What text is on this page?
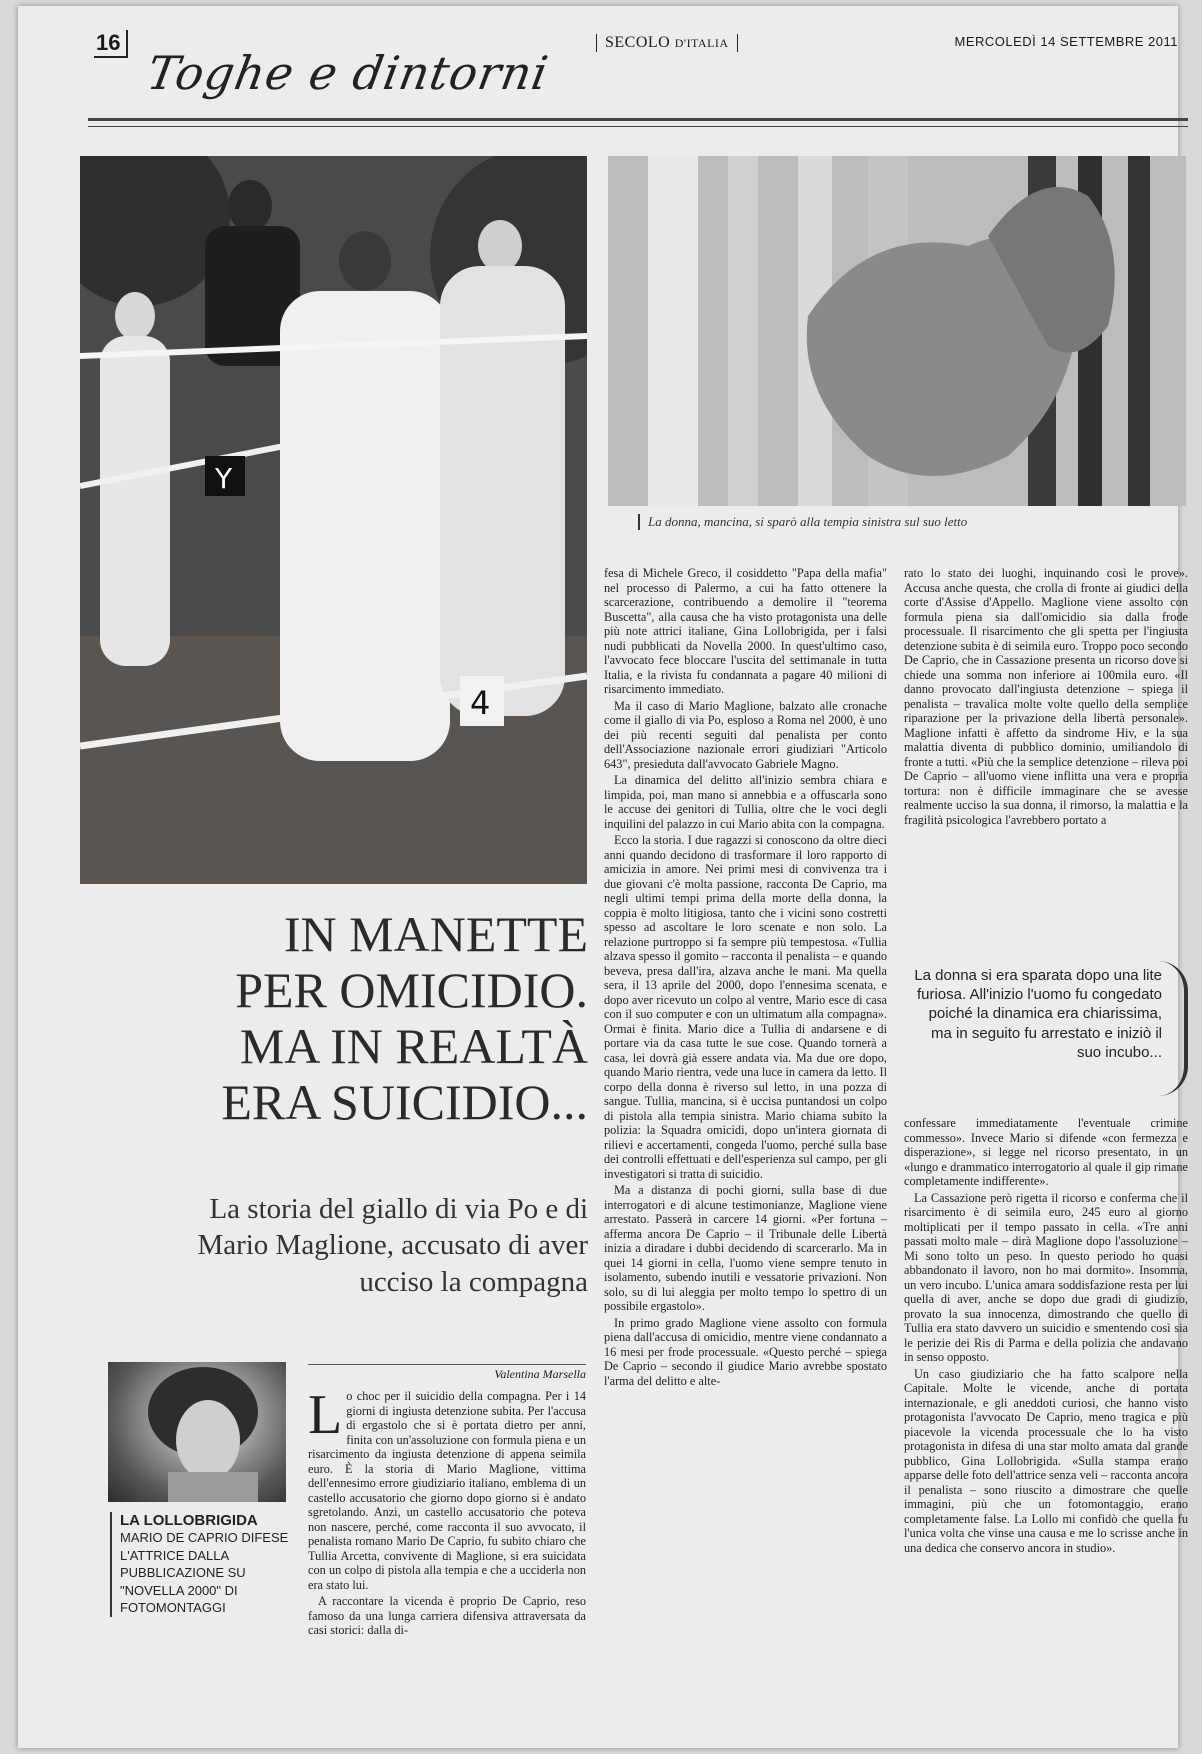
16	SECOLO D'ITALIA	MERCOLEDÌ 14 SETTEMBRE 2011
Toghe e dintorni
Y
4
La donna, mancina, si sparò alla tempia sinistra sul suo letto
IN MANETTE
PER OMICIDIO.
MA IN REALTÀ
ERA SUICIDIO...
La storia del giallo di via Po e di Mario Maglione, accusato di aver ucciso la compagna
Valentina Marsella
LA LOLLOBRIGIDA
MARIO DE CAPRIO DIFESE L'ATTRICE DALLA PUBBLICAZIONE SU "NOVELLA 2000" DI FOTOMONTAGGI
La donna si era sparata dopo una lite furiosa. All'inizio l'uomo fu congedato poiché la dinamica era chiarissima, ma in seguito fu arrestato e iniziò il suo incubo...

Lo choc per il suicidio della compagna. Per i 14 giorni di ingiusta detenzione subita. Per l'accusa di ergastolo che si è portata dietro per anni, finita con un'assoluzione con formula piena e un risarcimento da ingiusta detenzione di appena seimila euro. È la storia di Mario Maglione, vittima dell'ennesimo errore giudiziario italiano, emblema di un castello accusatorio che giorno dopo giorno si è andato sgretolando. Anzi, un castello accusatorio che poteva non nascere, perché, come racconta il suo avvocato, il penalista romano Mario De Caprio, fu subito chiaro che Tullia Arcetta, convivente di Maglione, si era suicidata con un colpo di pistola alla tempia e che a ucciderla non era stato lui.

A raccontare la vicenda è proprio De Caprio, reso famoso da una lunga carriera difensiva attraversata da casi storici: dalla di-

fesa di Michele Greco, il cosiddetto "Papa della mafia" nel processo di Palermo, a cui ha fatto ottenere la scarcerazione, contribuendo a demolire il "teorema Buscetta", alla causa che ha visto protagonista una delle più note attrici italiane, Gina Lollobrigida, per i falsi nudi pubblicati da Novella 2000. In quest'ultimo caso, l'avvocato fece bloccare l'uscita del settimanale in tutta Italia, e la rivista fu condannata a pagare 40 milioni di risarcimento immediato.

Ma il caso di Mario Maglione, balzato alle cronache come il giallo di via Po, esploso a Roma nel 2000, è uno dei più recenti seguiti dal penalista per conto dell'Associazione nazionale errori giudiziari "Articolo 643", presieduta dall'avvocato Gabriele Magno.

La dinamica del delitto all'inizio sembra chiara e limpida, poi, man mano si annebbia e a offuscarla sono le accuse dei genitori di Tullia, oltre che le voci degli inquilini del palazzo in cui Mario abita con la compagna.

Ecco la storia. I due ragazzi si conoscono da oltre dieci anni quando decidono di trasformare il loro rapporto di amicizia in amore. Nei primi mesi di convivenza tra i due giovani c'è molta passione, racconta De Caprio, ma negli ultimi tempi prima della morte della donna, la coppia è molto litigiosa, tanto che i vicini sono costretti spesso ad ascoltare le loro scenate e non solo. La relazione purtroppo si fa sempre più tempestosa. «Tullia alzava spesso il gomito – racconta il penalista – e quando beveva, presa dall'ira, alzava anche le mani. Ma quella sera, il 13 aprile del 2000, dopo l'ennesima scenata, e dopo aver ricevuto un colpo al ventre, Mario esce di casa con il suo computer e con un ultimatum alla compagna». Ormai è finita. Mario dice a Tullia di andarsene e di portare via da casa tutte le sue cose. Quando tornerà a casa, lei dovrà già essere andata via. Ma due ore dopo, quando Mario rientra, vede una luce in camera da letto. Il corpo della donna è riverso sul letto, in una pozza di sangue. Tullia, mancina, si è uccisa puntandosi un colpo di pistola alla tempia sinistra. Mario chiama subito la polizia: la Squadra omicidi, dopo un'intera giornata di rilievi e accertamenti, congeda l'uomo, perché sulla base dei controlli effettuati e dell'esperienza sul campo, per gli investigatori si tratta di suicidio.

Ma a distanza di pochi giorni, sulla base di due interrogatori e di alcune testimonianze, Maglione viene arrestato. Passerà in carcere 14 giorni. «Per fortuna – afferma ancora De Caprio – il Tribunale delle Libertà inizia a diradare i dubbi decidendo di scarcerarlo. Ma in quei 14 giorni in cella, l'uomo viene sempre tenuto in isolamento, subendo inutili e vessatorie privazioni. Non solo, su di lui aleggia per molto tempo lo spettro di un possibile ergastolo».

In primo grado Maglione viene assolto con formula piena dall'accusa di omicidio, mentre viene condannato a 16 mesi per frode processuale. «Questo perché – spiega De Caprio – secondo il giudice Mario avrebbe spostato l'arma del delitto e alte-

rato lo stato dei luoghi, inquinando così le prove». Accusa anche questa, che crolla di fronte ai giudici della corte d'Assise d'Appello. Maglione viene assolto con formula piena sia dall'omicidio sia dalla frode processuale. Il risarcimento che gli spetta per l'ingiusta detenzione subita è di seimila euro. Troppo poco secondo De Caprio, che in Cassazione presenta un ricorso dove si chiede una somma non inferiore ai 100mila euro. «Il danno provocato dall'ingiusta detenzione – spiega il penalista – travalica molte volte quello della semplice riparazione per la privazione della libertà personale». Maglione infatti è affetto da sindrome Hiv, e la sua malattia diventa di pubblico dominio, umiliandolo di fronte a tutti. «Più che la semplice detenzione – rileva poi De Caprio – all'uomo viene inflitta una vera e propria tortura: non è difficile immaginare che se avesse realmente ucciso la sua donna, il rimorso, la malattia e la fragilità psicologica l'avrebbero portato a

confessare immediatamente l'eventuale crimine commesso». Invece Mario si difende «con fermezza e disperazione», si legge nel ricorso presentato, in un «lungo e drammatico interrogatorio al quale il gip rimane completamente indifferente».

La Cassazione però rigetta il ricorso e conferma che il risarcimento è di seimila euro, 245 euro al giorno moltiplicati per il tempo passato in cella. «Tre anni passati molto male – dirà Maglione dopo l'assoluzione – Mi sono tolto un peso. In questo periodo ho quasi abbandonato il lavoro, non ho mai dormito». Insomma, un vero incubo. L'unica amara soddisfazione resta per lui quella di aver, anche se dopo due gradi di giudizio, provato la sua innocenza, dimostrando che quello di Tullia era stato davvero un suicidio e smentendo così sia le perizie dei Ris di Parma e della polizia che andavano in senso opposto.

Un caso giudiziario che ha fatto scalpore nella Capitale. Molte le vicende, anche di portata internazionale, e gli aneddoti curiosi, che hanno visto protagonista l'avvocato De Caprio, meno tragica e più piacevole la vicenda processuale che lo ha visto protagonista in difesa di una star molto amata dal grande pubblico, Gina Lollobrigida. «Sulla stampa erano apparse delle foto dell'attrice senza veli – racconta ancora il penalista – sono riuscito a dimostrare che quelle immagini, più che un fotomontaggio, erano completamente false. La Lollo mi confidò che quella fu l'unica volta che vinse una causa e me lo scrisse anche in una dedica che conservo ancora in studio».
